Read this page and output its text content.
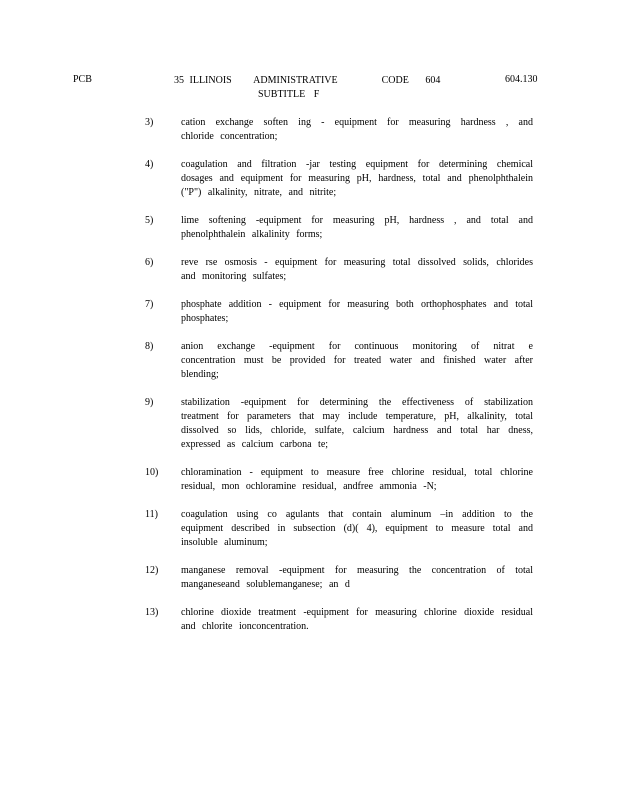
PCB	35 ILLINOIS    ADMINISTRATIVE        CODE   604
SUBTITLE F
604.130
3)	cation exchange soften ing - equipment for measuring hardness , and chloride concentration;
4)	coagulation and filtration -jar testing equipment for determining chemical dosages and equipment for measuring pH, hardness, total and phenolphthalein ("P") alkalinity, nitrate, and nitrite;
5)	lime softening -equipment for measuring pH, hardness , and total and phenolphthalein alkalinity forms;
6)	reve rse osmosis - equipment for measuring total dissolved solids, chlorides and monitoring sulfates;
7)	phosphate addition - equipment for measuring both orthophosphates and total phosphates;
8)	anion exchange -equipment for continuous monitoring of nitrat e concentration must be provided for treated water and finished water after blending;
9)	stabilization -equipment for determining the effectiveness of stabilization treatment for parameters that may include temperature, pH, alkalinity, total dissolved so lids, chloride, sulfate, calcium hardness and total har dness, expressed as calcium carbona te;
10)	chloramination - equipment to measure free chlorine residual, total chlorine residual, mon ochloramine residual, andfree ammonia -N;
11)	coagulation using co agulants that contain aluminum –in addition to the equipment described in subsection (d)( 4), equipment to measure total and insoluble aluminum;
12)	manganese removal -equipment for measuring the concentration of total manganeseand solublemanganese; an d
13)	chlorine dioxide treatment -equipment for measuring chlorine dioxide residual and chlorite ionconcentration.
